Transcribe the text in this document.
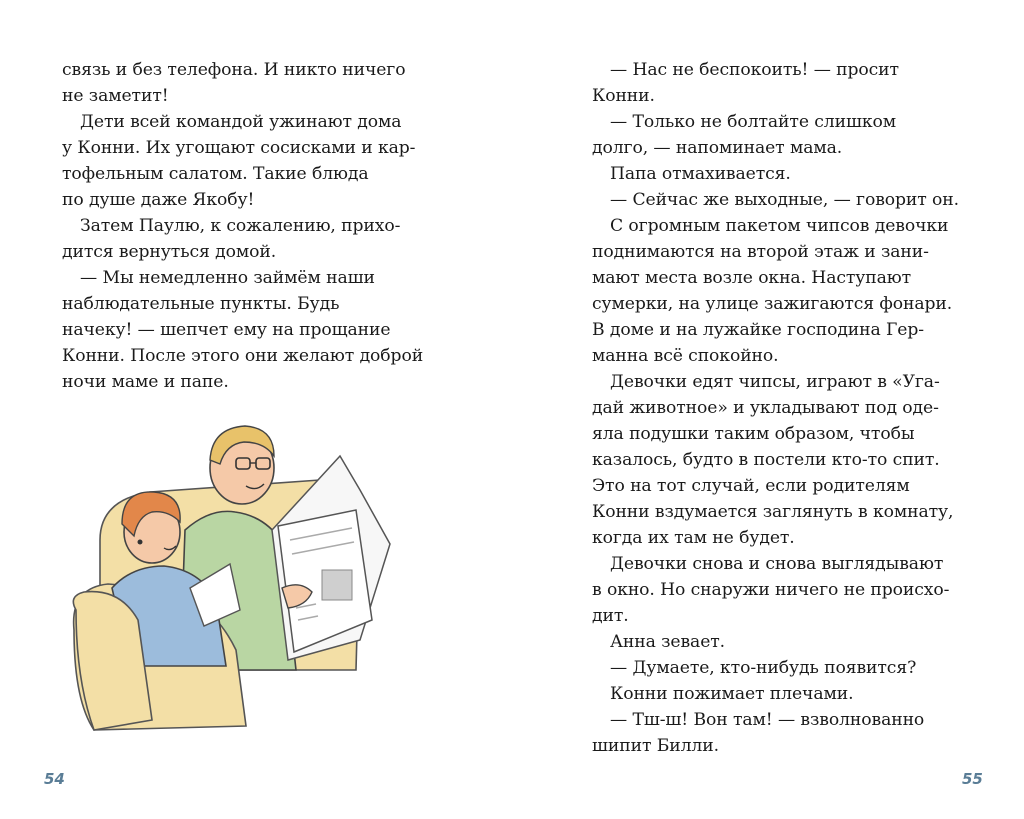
связь и без телефона. И никто ничего
не заметит!
Дети всей командой ужинают дома
у Конни. Их угощают сосисками и кар-
тофельным салатом. Такие блюда
по душе даже Якобу!
Затем Паулю, к сожалению, прихо-
дится вернуться домой.
— Мы немедленно займём наши
наблюдательные пункты. Будь
начеку! — шепчет ему на прощание
Конни. После этого они желают доброй
ночи маме и папе.
54
— Нас не беспокоить! — просит
Конни.
— Только не болтайте слишком
долго, — напоминает мама.
Папа отмахивается.
— Сейчас же выходные, — говорит он.
С огромным пакетом чипсов девочки
поднимаются на второй этаж и зани-
мают места возле окна. Наступают
сумерки, на улице зажигаются фонари.
В доме и на лужайке господина Гер-
манна всё спокойно.
Девочки едят чипсы, играют в «Уга-
дай животное» и укладывают под оде-
яла подушки таким образом, чтобы
казалось, будто в постели кто-то спит.
Это на тот случай, если родителям
Конни вздумается заглянуть в комнату,
когда их там не будет.
Девочки снова и снова выглядывают
в окно. Но снаружи ничего не происхо-
дит.
Анна зевает.
— Думаете, кто-нибудь появится?
Конни пожимает плечами.
— Тш-ш! Вон там! — взволнованно
шипит Билли.
55
